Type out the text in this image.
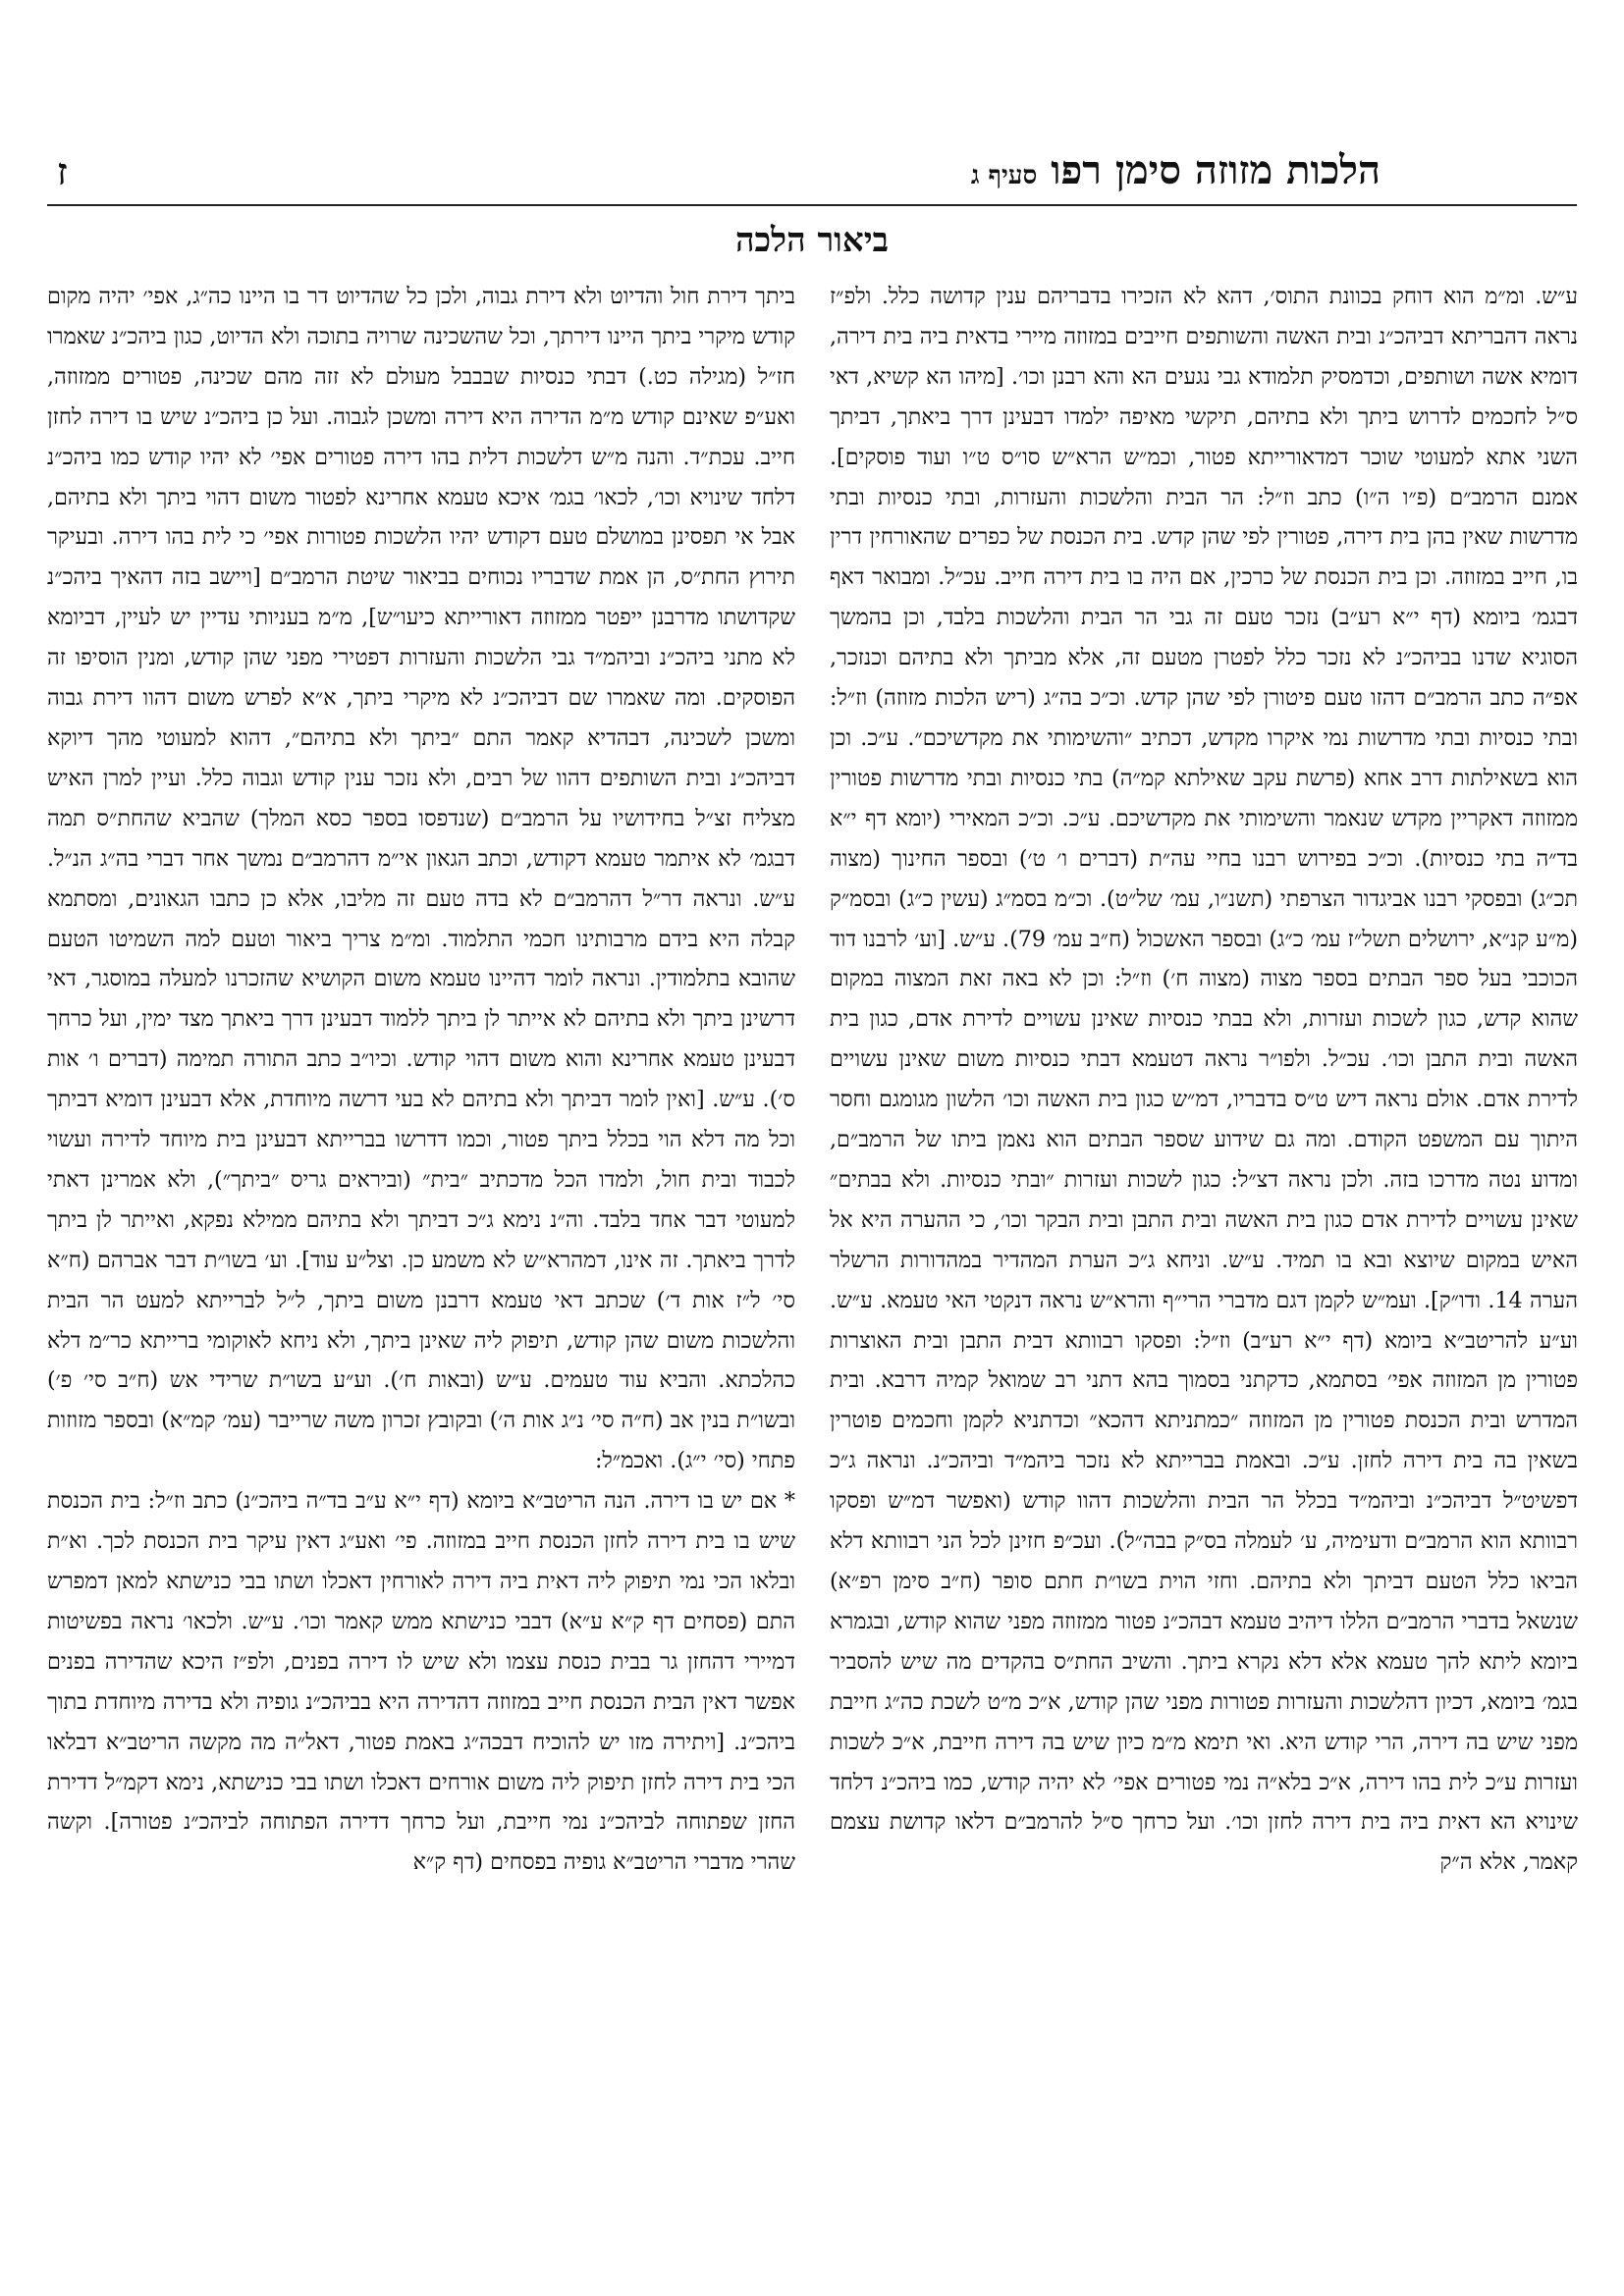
הלכות מזוזה סימן רפו סעיף ג
ז
ביאור הלכה

ע״ש. ומ״מ הוא דוחק בכוונת התוס׳, דהא לא הזכירו בדבריהם ענין קדושה כלל. ולפ״ז נראה דהבריתא דביהכ״נ ובית האשה והשותפים חייבים במזוזה מיירי בדאית ביה בית דירה, דומיא אשה ושותפים, וכדמסיק תלמודא גבי נגעים הא והא רבנן וכו׳. [מיהו הא קשיא, דאי ס״ל לחכמים לדרוש ביתך ולא בתיהם, תיקשי מאיפה ילמדו דבעינן דרך ביאתך, דביתך השני אתא למעוטי שוכר דמדאורייתא פטור, וכמ״ש הרא״ש סו״ס ט״ו ועוד פוסקים]. אמנם הרמב״ם (פ״ו ה״ו) כתב וז״ל: הר הבית והלשכות והעזרות, ובתי כנסיות ובתי מדרשות שאין בהן בית דירה, פטורין לפי שהן קדש. בית הכנסת של כפרים שהאורחין דרין בו, חייב במזוזה. וכן בית הכנסת של כרכין, אם היה בו בית דירה חייב. עכ״ל. ומבואר דאף דבגמ׳ ביומא (דף י״א רע״ב) נזכר טעם זה גבי הר הבית והלשכות בלבד, וכן בהמשך הסוגיא שדנו בביהכ״נ לא נזכר כלל לפטרן מטעם זה, אלא מביתך ולא בתיהם וכנזכר, אפ״ה כתב הרמב״ם דהזו טעם פיטורן לפי שהן קדש. וכ״כ בה״ג (ריש הלכות מזוזה) וז״ל: ובתי כנסיות ובתי מדרשות נמי איקרו מקדש, דכתיב ״והשימותי את מקדשיכם״. ע״כ. וכן הוא בשאילתות דרב אחא (פרשת עקב שאילתא קמ״ה) בתי כנסיות ובתי מדרשות פטורין ממזוזה דאקריין מקדש שנאמר והשימותי את מקדשיכם. ע״כ. וכ״כ המאירי (יומא דף י״א בד״ה בתי כנסיות). וכ״כ בפירוש רבנו בחיי עה״ת (דברים ו׳ ט׳) ובספר החינוך (מצוה תכ״ג) ובפסקי רבנו אביגדור הצרפתי (תשנ״ו, עמ׳ של״ט). וכ״מ בסמ״ג (עשין כ״ג) ובסמ״ק (מ״ע קנ״א, ירושלים תשל״ז עמ׳ כ״ג) ובספר האשכול (ח״ב עמ׳ 79). ע״ש. [וע׳ לרבנו דוד הכוכבי בעל ספר הבתים בספר מצוה (מצוה ח׳) וז״ל: וכן לא באה זאת המצוה במקום שהוא קדש, כגון לשכות ועזרות, ולא בבתי כנסיות שאינן עשויים לדירת אדם, כגון בית האשה ובית התבן וכו׳. עכ״ל. ולפו״ר נראה דטעמא דבתי כנסיות משום שאינן עשויים לדירת אדם. אולם נראה דיש ט״ס בדבריו, דמ״ש כגון בית האשה וכו׳ הלשון מגומגם וחסר היתוך עם המשפט הקודם. ומה גם שידוע שספר הבתים הוא נאמן ביתו של הרמב״ם, ומדוע נטה מדרכו בזה. ולכן נראה דצ״ל: כגון לשכות ועזרות ״ובתי כנסיות. ולא בבתים״ שאינן עשויים לדירת אדם כגון בית האשה ובית התבן ובית הבקר וכו׳, כי ההערה היא אל האיש במקום שיוצא ובא בו תמיד. ע״ש. וניחא ג״כ הערת המהדיר במהדורות הרשלר הערה 14. ודו״ק]. ועמ״ש לקמן דגם מדברי הרי״ף והרא״ש נראה דנקטי האי טעמא. ע״ש. וע״ע להריטב״א ביומא (דף י״א רע״ב) וז״ל: ופסקו רבוותא דבית התבן ובית האוצרות פטורין מן המזוזה אפי׳ בסתמא, כדקתני בסמוך בהא דתני רב שמואל קמיה דרבא. ובית המדרש ובית הכנסת פטורין מן המזוזה ״כמתניתא דהכא״ וכדתניא לקמן וחכמים פוטרין בשאין בה בית דירה לחזן. ע״כ. ובאמת בברייתא לא נזכר ביהמ״ד וביהכ״נ. ונראה ג״כ דפשיט״ל דביהכ״נ וביהמ״ד בכלל הר הבית והלשכות דהוו קודש (ואפשר דמ״ש ופסקו רבוותא הוא הרמב״ם ודעימיה, ע׳ לעמלה בס״ק בבה״ל). ועכ״פ חזינן לכל הני רבוותא דלא הביאו כלל הטעם דביתך ולא בתיהם. וחזי הוית בשו״ת חתם סופר (ח״ב סימן רפ״א) שנשאל בדברי הרמב״ם הללו דיהיב טעמא דבהכ״נ פטור ממזוזה מפני שהוא קודש, ובגמרא ביומא ליתא להך טעמא אלא דלא נקרא ביתך. והשיב החת״ס בהקדים מה שיש להסביר בגמ׳ ביומא, דכיון דהלשכות והעזרות פטורות מפני שהן קודש, א״כ מ״ט לשכת כה״ג חייבת מפני שיש בה דירה, הרי קודש היא. ואי תימא מ״מ כיון שיש בה דירה חייבת, א״כ לשכות ועזרות ע״כ לית בהו דירה, א״כ בלא״ה נמי פטורים אפי׳ לא יהיה קודש, כמו ביהכ״נ דלחד שינויא הא דאית ביה בית דירה לחזן וכו׳. ועל כרחך ס״ל להרמב״ם דלאו קדושת עצמם קאמר, אלא ה״ק

ביתך דירת חול והדיוט ולא דירת גבוה, ולכן כל שהדיוט דר בו היינו כה״ג, אפי׳ יהיה מקום קודש מיקרי ביתך היינו דירתך, וכל שהשכינה שרויה בתוכה ולא הדיוט, כגון ביהכ״נ שאמרו חז״ל (מגילה כט.) דבתי כנסיות שבבבל מעולם לא זזה מהם שכינה, פטורים ממזוזה, ואע״פ שאינם קודש מ״מ הדירה היא דירה ומשכן לגבוה. ועל כן ביהכ״נ שיש בו דירה לחזן חייב. עכת״ד. והנה מ״ש דלשכות דלית בהו דירה פטורים אפי׳ לא יהיו קודש כמו ביהכ״נ דלחד שינויא וכו׳, לכאו׳ בגמ׳ איכא טעמא אחרינא לפטור משום דהוי ביתך ולא בתיהם, אבל אי תפסינן במושלם טעם דקודש יהיו הלשכות פטורות אפי׳ כי לית בהו דירה. ובעיקר תירוץ החת״ס, הן אמת שדבריו נכוחים בביאור שיטת הרמב״ם [ויישב בזה דהאיך ביהכ״נ שקדושתו מדרבנן ייפטר ממזוזה דאורייתא כיעו״ש], מ״מ בעניותי עדיין יש לעיין, דביומא לא מתני ביהכ״נ וביהמ״ד גבי הלשכות והעזרות דפטירי מפני שהן קודש, ומנין הוסיפו זה הפוסקים. ומה שאמרו שם דביהכ״נ לא מיקרי ביתך, א״א לפרש משום דהוו דירת גבוה ומשכן לשכינה, דבהדיא קאמר התם ״ביתך ולא בתיהם״, דהוא למעוטי מהך דיוקא דביהכ״נ ובית השותפים דהוו של רבים, ולא נזכר ענין קודש וגבוה כלל. ועיין למרן האיש מצליח זצ״ל בחידושיו על הרמב״ם (שנדפסו בספר כסא המלך) שהביא שהחת״ס תמה דבגמ׳ לא איתמר טעמא דקודש, וכתב הגאון אי״מ דהרמב״ם נמשך אחר דברי בה״ג הנ״ל. ע״ש. ונראה דר״ל דהרמב״ם לא בדה טעם זה מליבו, אלא כן כתבו הגאונים, ומסתמא קבלה היא בידם מרבותינו חכמי התלמוד. ומ״מ צריך ביאור וטעם למה השמיטו הטעם שהובא בתלמודין. ונראה לומר דהיינו טעמא משום הקושיא שהזכרנו למעלה במוסגר, דאי דרשינן ביתך ולא בתיהם לא אייתר לן ביתך ללמוד דבעינן דרך ביאתך מצד ימין, ועל כרחך דבעינן טעמא אחרינא והוא משום דהוי קודש. וכיו״ב כתב התורה תמימה (דברים ו׳ אות ס׳). ע״ש. [ואין לומר דביתך ולא בתיהם לא בעי דרשה מיוחדת, אלא דבעינן דומיא דביתך וכל מה דלא הוי בכלל ביתך פטור, וכמו דדרשו בברייתא דבעינן בית מיוחד לדירה ועשוי לכבוד ובית חול, ולמדו הכל מדכתיב ״בית״ (וביראים גריס ״ביתך״), ולא אמרינן דאתי למעוטי דבר אחד בלבד. וה״נ נימא ג״כ דביתך ולא בתיהם ממילא נפקא, ואייתר לן ביתך לדרך ביאתך. זה אינו, דמהרא״ש לא משמע כן. וצל״ע עוד]. וע׳ בשו״ת דבר אברהם (ח״א סי׳ ל״ז אות ד׳) שכתב דאי טעמא דרבנן משום ביתך, ל״ל לברייתא למעט הר הבית והלשכות משום שהן קודש, תיפוק ליה שאינן ביתך, ולא ניחא לאוקומי ברייתא כר״מ דלא כהלכתא. והביא עוד טעמים. ע״ש (ובאות ח׳). וע״ע בשו״ת שרידי אש (ח״ב סי׳ פ׳) ובשו״ת בנין אב (ח״ה סי׳ נ״ג אות ה׳) ובקובץ זכרון משה שרייבר (עמ׳ קמ״א) ובספר מזוזות פתחי (סי׳ י״ג). ואכמ״ל:

* אם יש בו דירה. הנה הריטב״א ביומא (דף י״א ע״ב בד״ה ביהכ״נ) כתב וז״ל: בית הכנסת שיש בו בית דירה לחזן הכנסת חייב במזוזה. פי׳ ואע״ג דאין עיקר בית הכנסת לכך. וא״ת ובלאו הכי נמי תיפוק ליה דאית ביה דירה לאורחין דאכלו ושתו בבי כנישתא למאן דמפרש התם (פסחים דף ק״א ע״א) דבבי כנישתא ממש קאמר וכו׳. ע״ש. ולכאו׳ נראה בפשיטות דמיירי דהחזן גר בבית כנסת עצמו ולא שיש לו דירה בפנים, ולפ״ז היכא שהדירה בפנים אפשר דאין הבית הכנסת חייב במזוזה דהדירה היא בביהכ״נ גופיה ולא בדירה מיוחדת בתוך ביהכ״נ. [ויתירה מזו יש להוכיח דבכה״ג באמת פטור, דאל״ה מה מקשה הריטב״א דבלאו הכי בית דירה לחזן תיפוק ליה משום אורחים דאכלו ושתו בבי כנישתא, נימא דקמ״ל דדירת החזן שפתוחה לביהכ״נ נמי חייבת, ועל כרחך דדירה הפתוחה לביהכ״נ פטורה]. וקשה שהרי מדברי הריטב״א גופיה בפסחים (דף ק״א
